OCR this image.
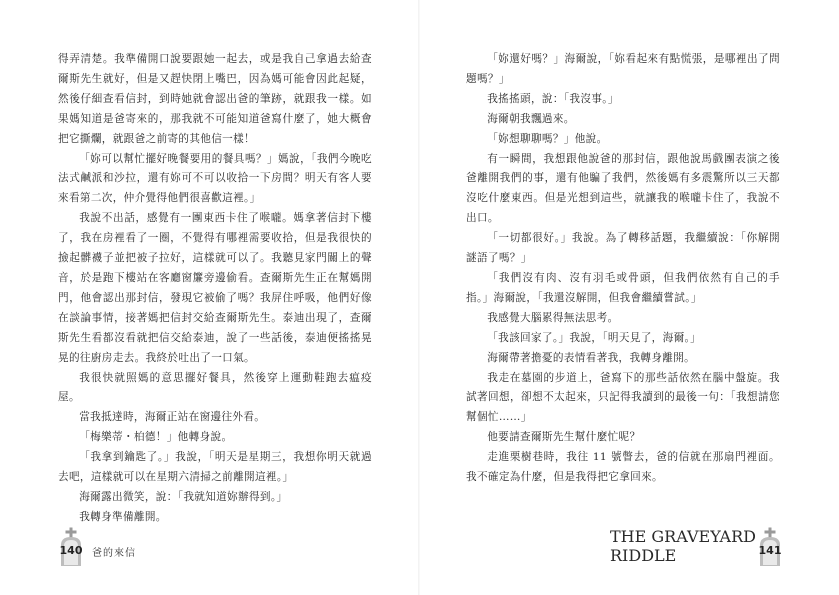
得弄清楚。我準備開口說要跟她一起去，或是我自己拿過去給查爾斯先生就好，但是又趕快閉上嘴巴，因為媽可能會因此起疑，然後仔細查看信封，到時她就會認出爸的筆跡，就跟我一樣。如果媽知道是爸寄來的，那我就不可能知道爸寫什麼了，她大概會把它撕爛，就跟爸之前寄的其他信一樣！

「妳可以幫忙擺好晚餐要用的餐具嗎？」媽說，「我們今晚吃法式鹹派和沙拉，還有妳可不可以收拾一下房間？明天有客人要來看第二次，仲介覺得他們很喜歡這裡。」

我說不出話，感覺有一團東西卡住了喉嚨。媽拿著信封下樓了，我在房裡看了一圈，不覺得有哪裡需要收拾，但是我很快的撿起髒襪子並把被子拉好，這樣就可以了。我聽見家門關上的聲音，於是跑下樓站在客廳窗簾旁邊偷看。查爾斯先生正在幫媽開門，他會認出那封信，發現它被偷了嗎？我屏住呼吸，他們好像在談論事情，接著媽把信封交給查爾斯先生。泰迪出現了，查爾斯先生看都沒看就把信交給泰迪，說了一些話後，泰迪便搖搖晃晃的往廚房走去。我終於吐出了一口氣。

我很快就照媽的意思擺好餐具，然後穿上運動鞋跑去瘟疫屋。

當我抵達時，海爾正站在窗邊往外看。

「梅樂蒂・柏德！」他轉身說。

「我拿到鑰匙了。」我說，「明天是星期三，我想你明天就過去吧，這樣就可以在星期六清掃之前離開這裡。」

海爾露出微笑，說：「我就知道妳辦得到。」

我轉身準備離開。

140 爸的來信

「妳還好嗎？」海爾說，「妳看起來有點慌張，是哪裡出了問題嗎？」

我搖搖頭，說：「我沒事。」

海爾朝我飄過來。

「妳想聊聊嗎？」他說。

有一瞬間，我想跟他說爸的那封信，跟他說馬戲團表演之後爸離開我們的事，還有他騙了我們，然後媽有多震驚所以三天都沒吃什麼東西。但是光想到這些，就讓我的喉嚨卡住了，我說不出口。

「一切都很好。」我說。為了轉移話題，我繼續說：「你解開謎語了嗎？」

「我們沒有肉、沒有羽毛或骨頭，但我們依然有自己的手指。」海爾說，「我還沒解開，但我會繼續嘗試。」

我感覺大腦累得無法思考。

「我該回家了。」我說，「明天見了，海爾。」

海爾帶著擔憂的表情看著我，我轉身離開。

我走在墓園的步道上，爸寫下的那些話依然在腦中盤旋。我試著回想，卻想不太起來，只記得我讀到的最後一句：「我想請您幫個忙……」

他要請查爾斯先生幫什麼忙呢？

走進栗樹巷時，我往 11 號瞥去，爸的信就在那扇門裡面。我不確定為什麼，但是我得把它拿回來。

THE GRAVEYARD RIDDLE	141
